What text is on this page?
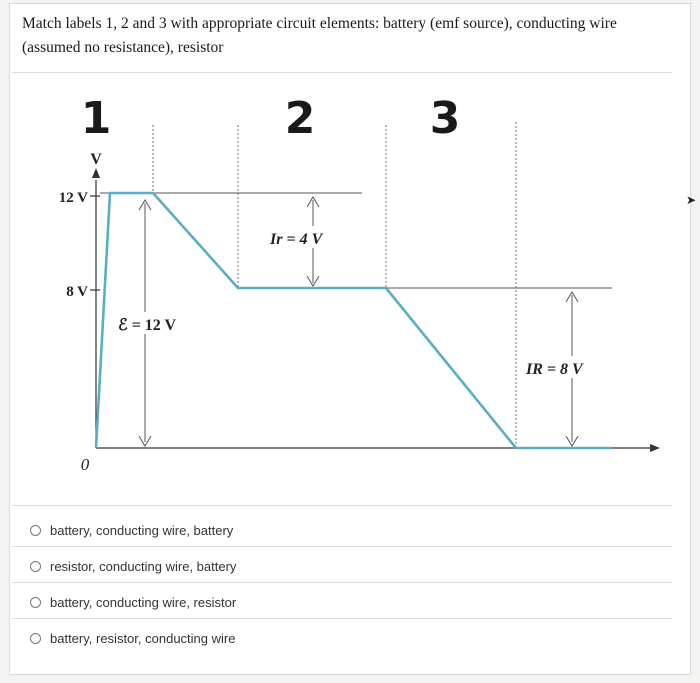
Match labels 1, 2 and 3 with appropriate circuit elements: battery (emf source), conducting wire (assumed no resistance), resistor
1	2	3
V
12 V
8 V
0
ℰ = 12 V
Ir = 4 V
IR = 8 V
battery, conducting wire, battery
resistor, conducting wire, battery
battery, conducting wire, resistor
battery, resistor, conducting wire
➤
